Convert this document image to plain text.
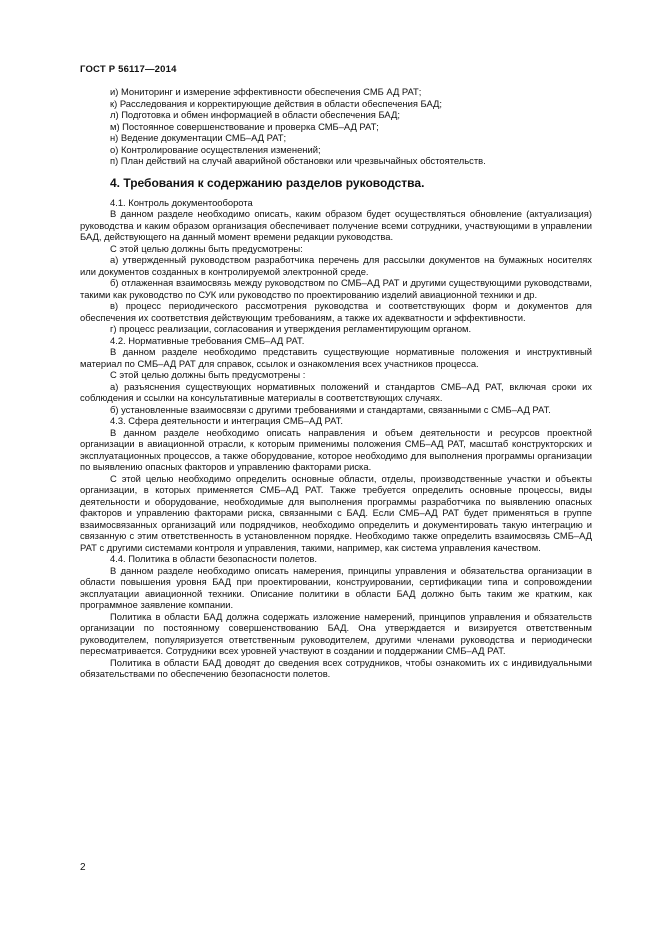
ГОСТ Р 56117—2014
и) Мониторинг и измерение эффективности обеспечения СМБ АД РАТ;
к) Расследования и корректирующие действия в области обеспечения БАД;
л) Подготовка и обмен информацией в области обеспечения БАД;
м) Постоянное совершенствование и проверка СМБ–АД РАТ;
н) Ведение документации СМБ–АД РАТ;
о) Контролирование осуществления изменений;
п) План действий на случай аварийной обстановки или чрезвычайных обстоятельств.
4. Требования к содержанию разделов руководства.
4.1. Контроль документооборота
В данном разделе необходимо описать, каким образом будет осуществляться обновление (актуализация) руководства и каким образом организация обеспечивает получение всеми сотрудники, участвующими в управлении БАД, действующего на данный момент времени редакции руководства.
С этой целью должны быть предусмотрены:
а) утвержденный руководством разработчика перечень для рассылки документов на бумажных носителях или документов созданных в контролируемой электронной среде.
б) отлаженная взаимосвязь между руководством по СМБ–АД РАТ и другими существующими руководствами, такими как руководство по СУК или руководство по проектированию изделий авиационной техники и др.
в) процесс периодического рассмотрения руководства и соответствующих форм и документов для обеспечения их соответствия действующим требованиям, а также их адекватности и эффективности.
г) процесс реализации, согласования и утверждения регламентирующим органом.
4.2. Нормативные требования СМБ–АД РАТ.
В данном разделе необходимо представить существующие нормативные положения и инструктивный материал по СМБ–АД РАТ для справок, ссылок и ознакомления всех участников процесса.
С этой целью должны быть предусмотрены :
а) разъяснения существующих нормативных положений и стандартов СМБ–АД РАТ, включая сроки их соблюдения и ссылки на консультативные материалы в соответствующих случаях.
б) установленные взаимосвязи с другими требованиями и стандартами, связанными с СМБ–АД РАТ.
4.3. Сфера деятельности и интеграция СМБ–АД РАТ.
В данном разделе необходимо описать направления и объем деятельности и ресурсов проектной организации в авиационной отрасли, к которым применимы положения СМБ–АД РАТ, масштаб конструкторских и эксплуатационных процессов, а также оборудование, которое необходимо для выполнения программы организации по выявлению опасных факторов и управлению факторами риска.
С этой целью необходимо определить основные области, отделы, производственные участки и объекты организации, в которых применяется СМБ–АД РАТ. Также требуется определить основные процессы, виды деятельности и оборудование, необходимые для выполнения программы разработчика по выявлению опасных факторов и управлению факторами риска, связанными с БАД. Если СМБ–АД РАТ будет применяться в группе взаимосвязанных организаций или подрядчиков, необходимо определить и документировать такую интеграцию и связанную с этим ответственность в установленном порядке. Необходимо также определить взаимосвязь СМБ–АД РАТ с другими системами контроля и управления, такими, например, как система управления качеством.
4.4. Политика в области безопасности полетов.
В данном разделе необходимо описать намерения, принципы управления и обязательства организации в области повышения уровня БАД при проектировании, конструировании, сертификации типа и сопровождении эксплуатации авиационной техники. Описание политики в области БАД должно быть таким же кратким, как программное заявление компании.
Политика в области БАД должна содержать изложение намерений, принципов управления и обязательств организации по постоянному совершенствованию БАД. Она утверждается и визируется ответственным руководителем, популяризуется ответственным руководителем, другими членами руководства и периодически пересматривается. Сотрудники всех уровней участвуют в создании и поддержании СМБ–АД РАТ.
Политика в области БАД доводят до сведения всех сотрудников, чтобы ознакомить их с индивидуальными обязательствами по обеспечению безопасности полетов.
2
